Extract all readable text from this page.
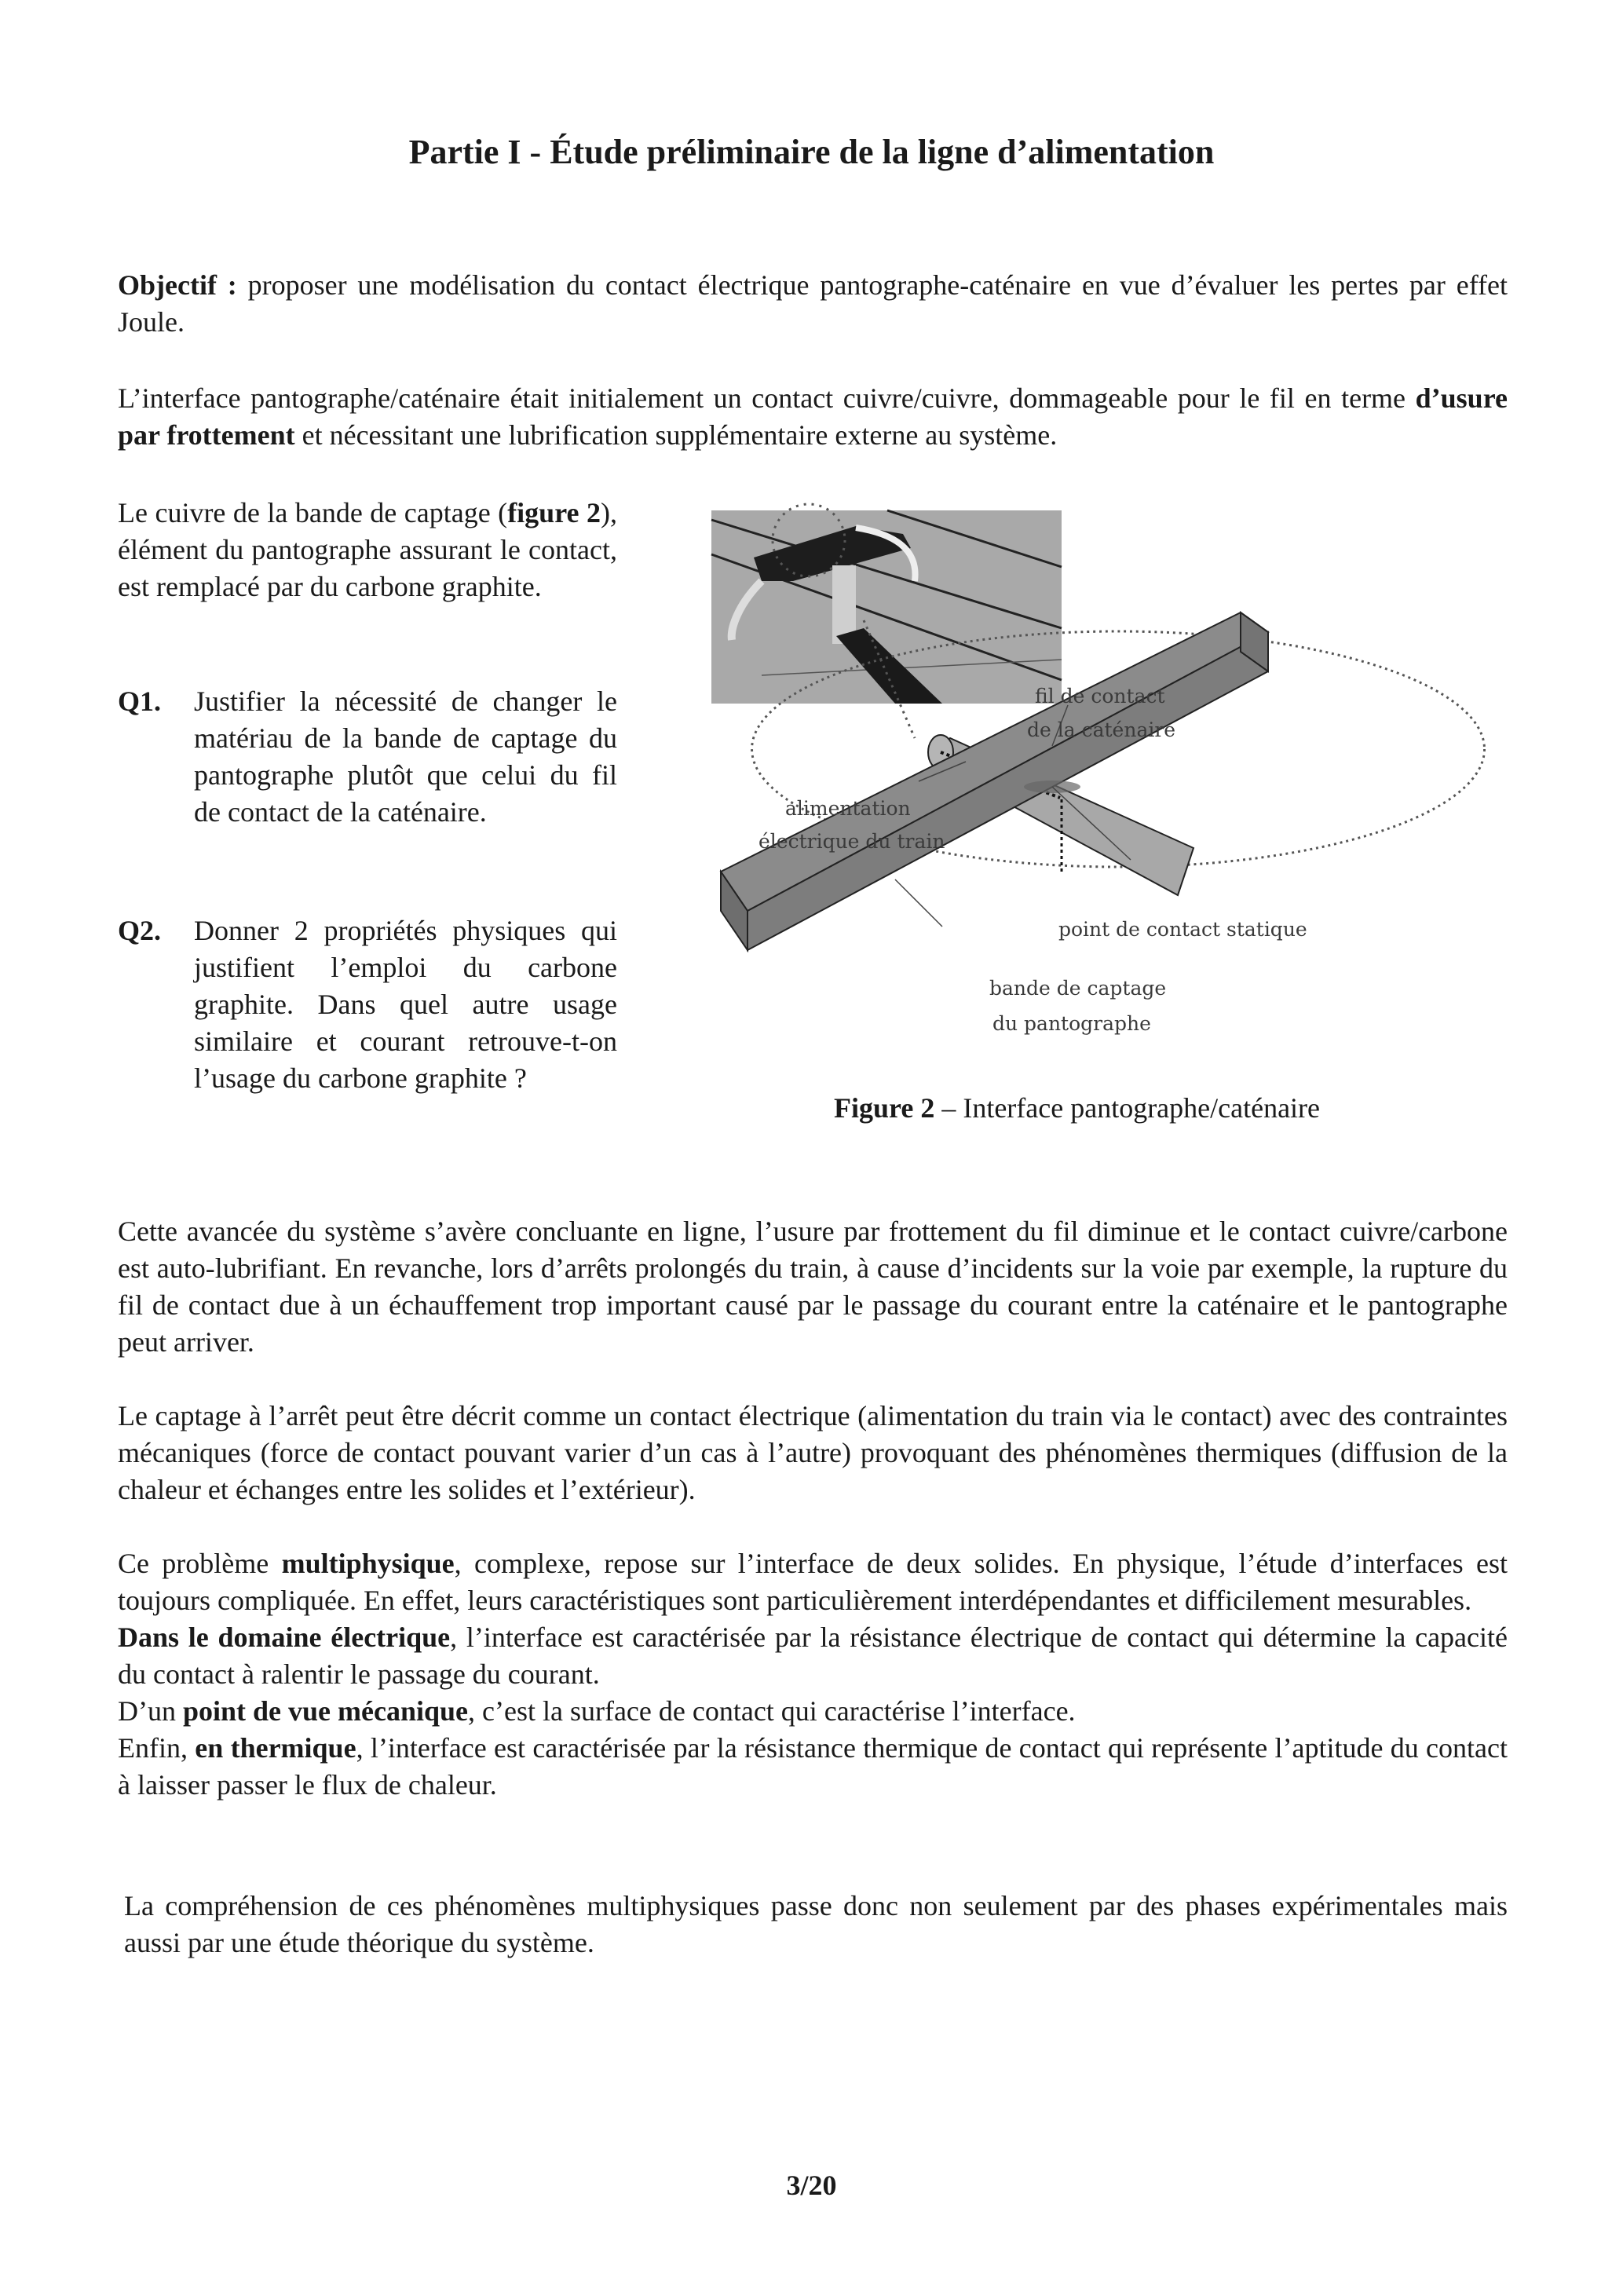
Partie I - Étude préliminaire de la ligne d’alimentation
Objectif : proposer une modélisation du contact électrique pantographe-caténaire en vue d’évaluer les pertes par effet Joule.
L’interface pantographe/caténaire était initialement un contact cuivre/cuivre, dommageable pour le fil en terme d’usure par frottement et nécessitant une lubrification supplémentaire externe au système.
Le cuivre de la bande de captage (figure 2), élément du pantographe assurant le contact, est remplacé par du carbone graphite.
Q1. Justifier la nécessité de changer le matériau de la bande de captage du pantographe plutôt que celui du fil de contact de la caténaire.
Q2. Donner 2 propriétés physiques qui justifient l’emploi du carbone graphite. Dans quel autre usage similaire et courant retrouve-t-on l’usage du carbone graphite ?
fil de contact
de la caténaire
alimentation
électrique du train
point de contact statique
bande de captage
du pantographe
Figure 2 – Interface pantographe/caténaire
Cette avancée du système s’avère concluante en ligne, l’usure par frottement du fil diminue et le contact cuivre/carbone est auto-lubrifiant. En revanche, lors d’arrêts prolongés du train, à cause d’incidents sur la voie par exemple, la rupture du fil de contact due à un échauffement trop important causé par le passage du courant entre la caténaire et le pantographe peut arriver.
Le captage à l’arrêt peut être décrit comme un contact électrique (alimentation du train via le contact) avec des contraintes mécaniques (force de contact pouvant varier d’un cas à l’autre) provoquant des phénomènes thermiques (diffusion de la chaleur et échanges entre les solides et l’extérieur).
Ce problème multiphysique, complexe, repose sur l’interface de deux solides. En physique, l’étude d’interfaces est toujours compliquée. En effet, leurs caractéristiques sont particulièrement interdépendantes et difficilement mesurables.
Dans le domaine électrique, l’interface est caractérisée par la résistance électrique de contact qui détermine la capacité du contact à ralentir le passage du courant.
D’un point de vue mécanique, c’est la surface de contact qui caractérise l’interface.
Enfin, en thermique, l’interface est caractérisée par la résistance thermique de contact qui représente l’aptitude du contact à laisser passer le flux de chaleur.
La compréhension de ces phénomènes multiphysiques passe donc non seulement par des phases expérimentales mais aussi par une étude théorique du système.
3/20
